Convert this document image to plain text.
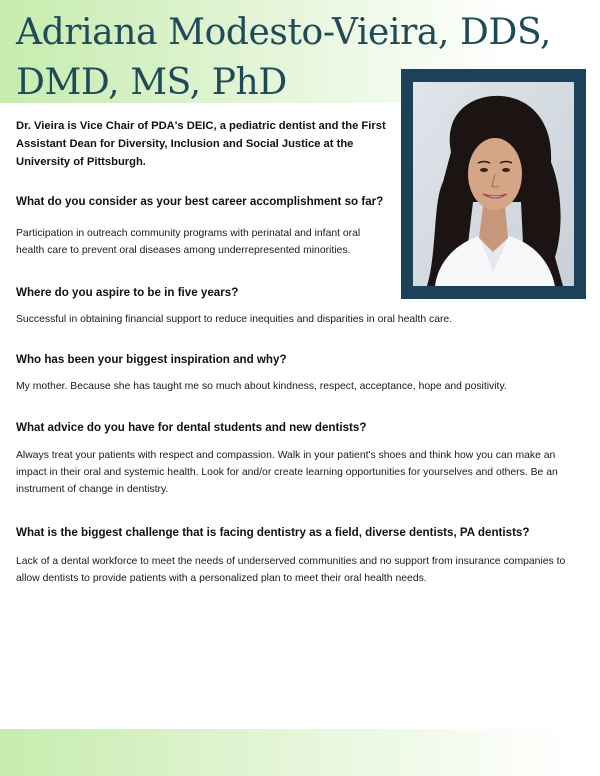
Adriana Modesto-Vieira, DDS, DMD, MS, PhD

Dr. Vieira is Vice Chair of PDA's DEIC, a pediatric dentist and the First Assistant Dean for Diversity, Inclusion and Social Justice at the University of Pittsburgh.

What do you consider as your best career accomplishment so far?

Participation in outreach community programs with perinatal and infant oral health care to prevent oral diseases among underrepresented minorities.

Where do you aspire to be in five years?

Successful in obtaining financial support to reduce inequities and disparities in oral health care.

Who has been your biggest inspiration and why?

My mother. Because she has taught me so much about kindness, respect, acceptance, hope and positivity.

What advice do you have for dental students and new dentists?

Always treat your patients with respect and compassion. Walk in your patient's shoes and think how you can make an impact in their oral and systemic health. Look for and/or create learning opportunities for yourselves and others. Be an instrument of change in dentistry.

What is the biggest challenge that is facing dentistry as a field, diverse dentists, PA dentists?

Lack of a dental workforce to meet the needs of underserved communities and no support from insurance companies to allow dentists to provide patients with a personalized plan to meet their oral health needs.
